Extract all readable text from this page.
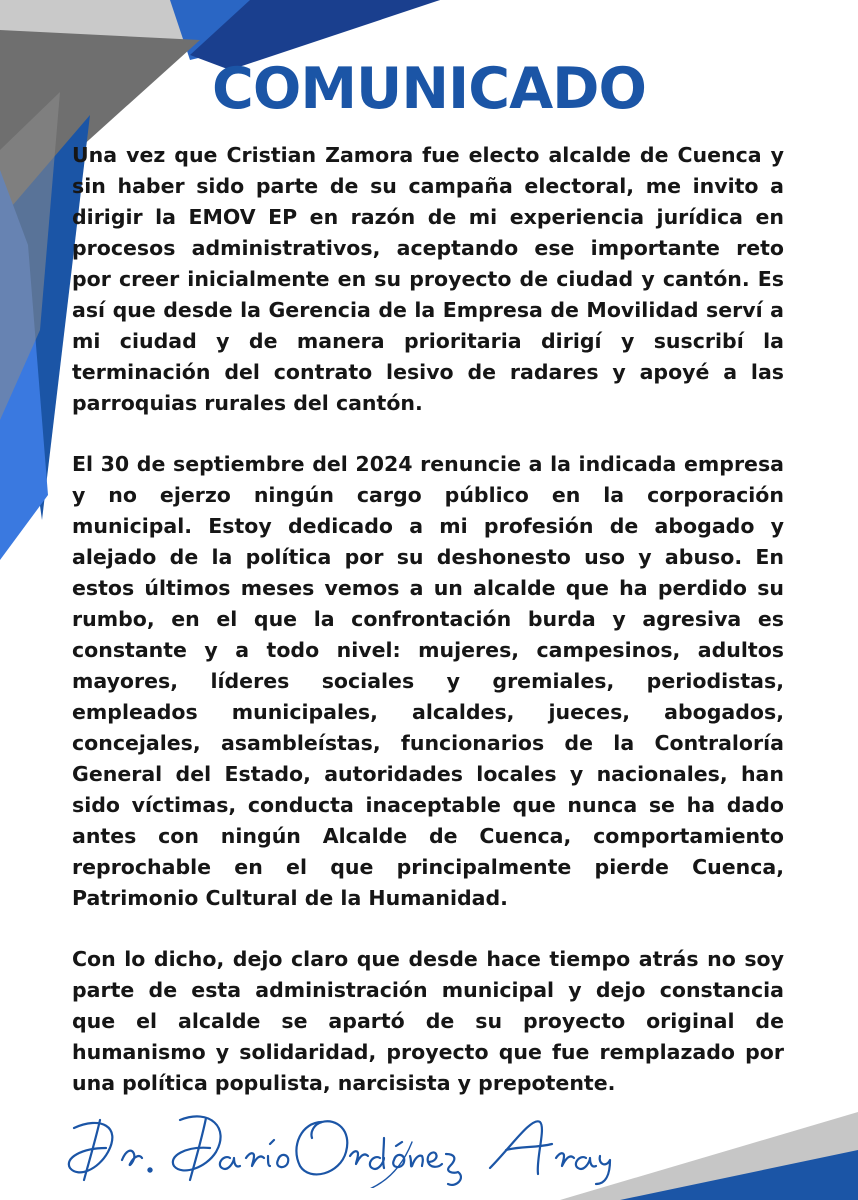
COMUNICADO

Una vez que Cristian Zamora fue electo alcalde de Cuenca y sin haber sido parte de su campaña electoral, me invito a dirigir la EMOV EP en razón de mi experiencia jurídica en procesos administrativos, aceptando ese importante reto por creer inicialmente en su proyecto de ciudad y cantón. Es así que desde la Gerencia de la Empresa de Movilidad serví a mi ciudad y de manera prioritaria dirigí y suscribí la terminación del contrato lesivo de radares y apoyé a las parroquias rurales del cantón.

El 30 de septiembre del 2024 renuncie a la indicada empresa y no ejerzo ningún cargo público en la corporación municipal. Estoy dedicado a mi profesión de abogado y alejado de la política por su deshonesto uso y abuso. En estos últimos meses vemos a un alcalde que ha perdido su rumbo, en el que la confrontación burda y agresiva es constante y a todo nivel: mujeres, campesinos, adultos mayores, líderes sociales y gremiales, periodistas, empleados municipales, alcaldes, jueces, abogados, concejales, asambleístas, funcionarios de la Contraloría General del Estado, autoridades locales y nacionales, han sido víctimas, conducta inaceptable que nunca se ha dado antes con ningún Alcalde de Cuenca, comportamiento reprochable en el que principalmente pierde Cuenca, Patrimonio Cultural de la Humanidad.

Con lo dicho, dejo claro que desde hace tiempo atrás no soy parte de esta administración municipal y dejo constancia que el alcalde se apartó de su proyecto original de humanismo y solidaridad, proyecto que fue remplazado por una política populista, narcisista y prepotente.
